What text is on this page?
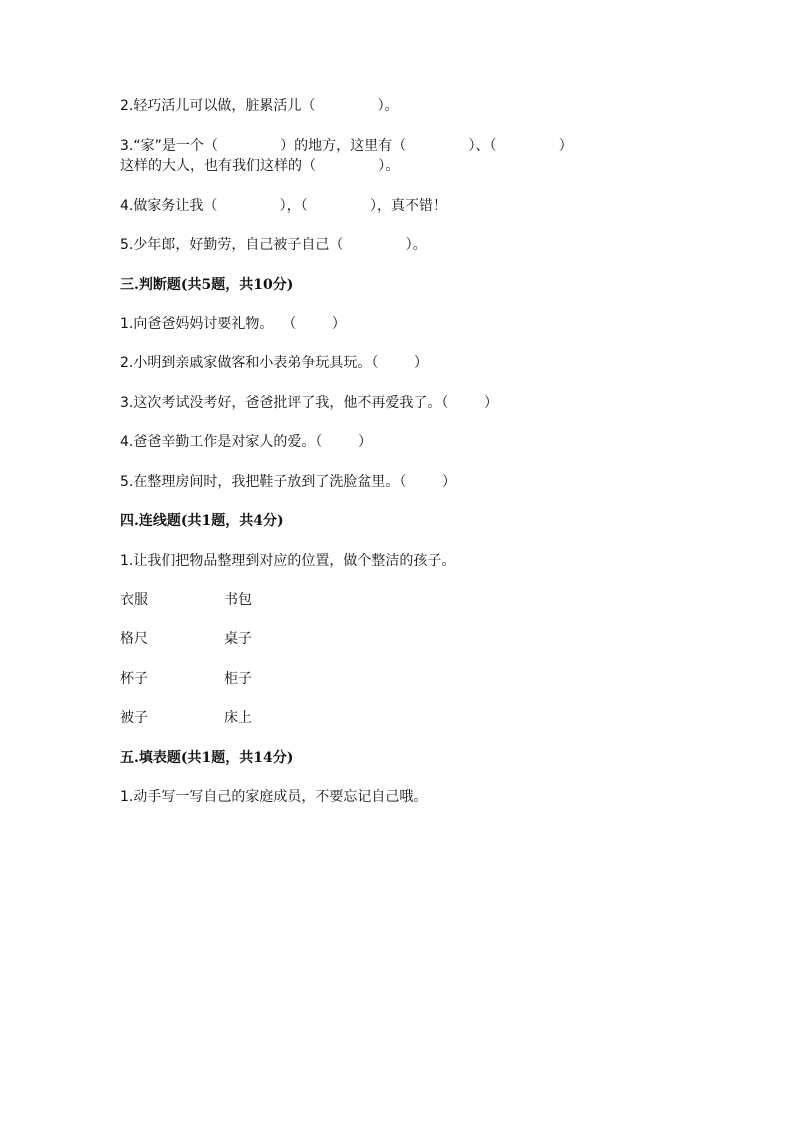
2.轻巧活儿可以做，脏累活儿（              ）。
3.“家”是一个（              ）的地方，这里有（              ）、（              ）
这样的大人，也有我们这样的（              ）。
4.做家务让我（              ），（              ），真不错！
5.少年郎，好勤劳，自己被子自己（              ）。
三.判断题(共5题，共10分)
1.向爸爸妈妈讨要礼物。  （        ）
2.小明到亲戚家做客和小表弟争玩具玩。（        ）
3.这次考试没考好，爸爸批评了我，他不再爱我了。（        ）
4.爸爸辛勤工作是对家人的爱。（        ）
5.在整理房间时，我把鞋子放到了洗脸盆里。（        ）
四.连线题(共1题，共4分)
1.让我们把物品整理到对应的位置，做个整洁的孩子。
衣服	书包
格尺	桌子
杯子	柜子
被子	床上
五.填表题(共1题，共14分)
1.动手写一写自己的家庭成员，不要忘记自己哦。
